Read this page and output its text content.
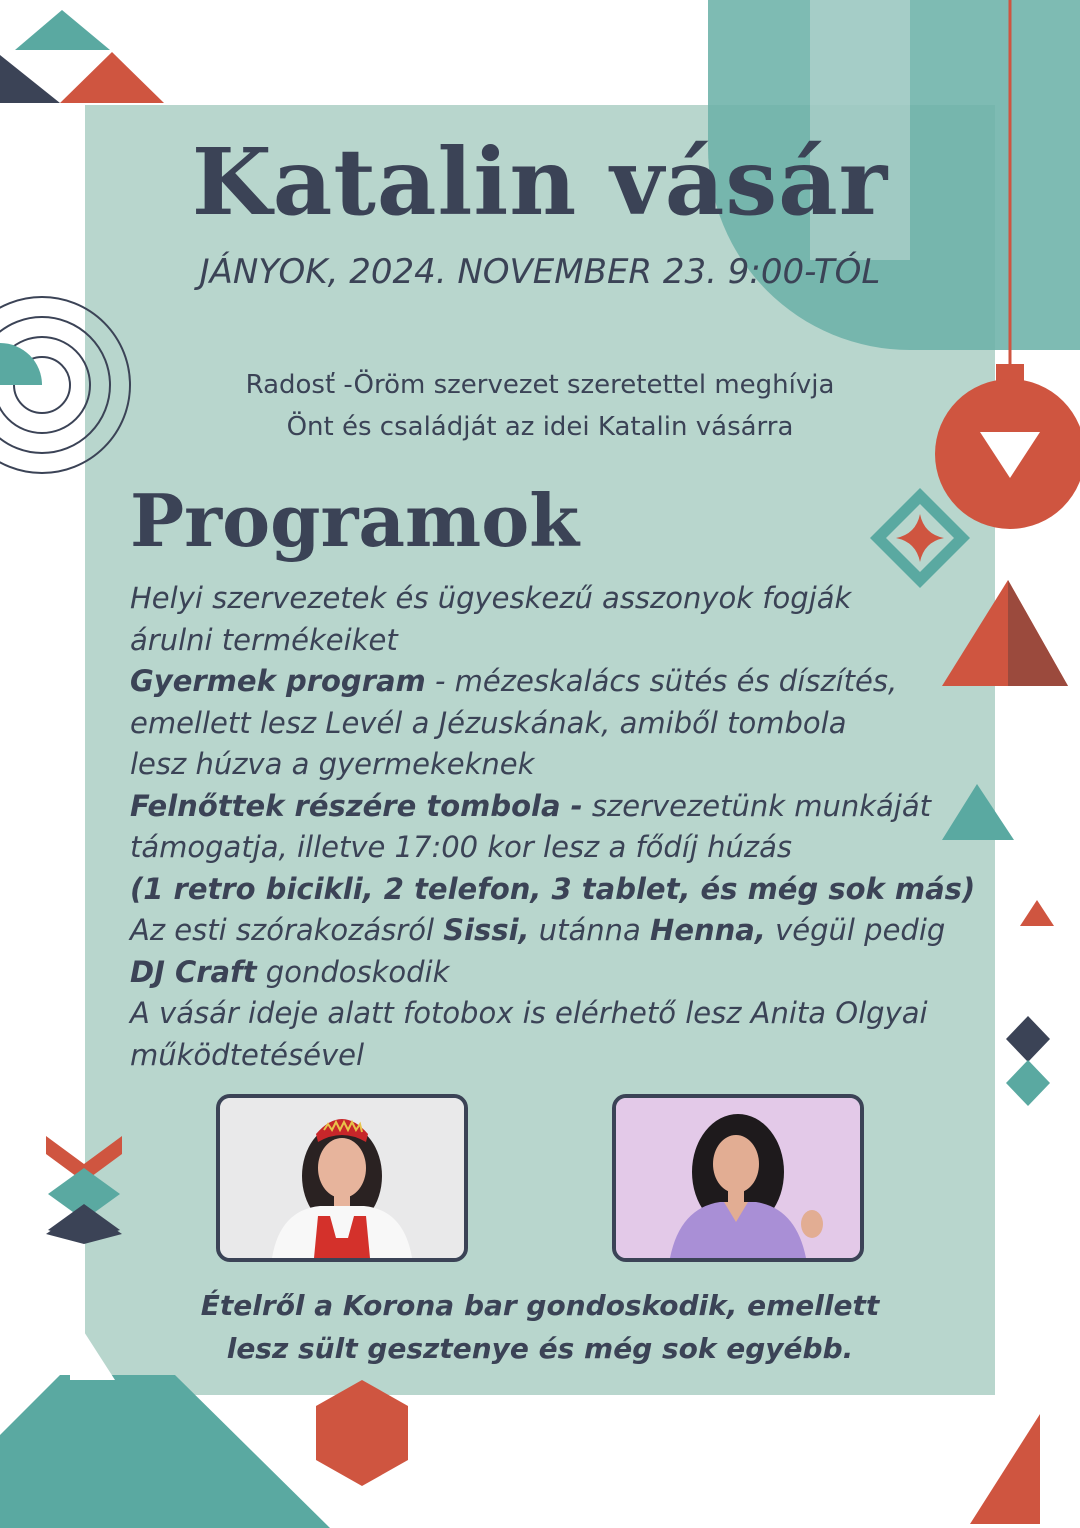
Katalin vásár

JÁNYOK, 2024. NOVEMBER 23. 9:00-TÓL

Radosť -Öröm szervezet szeretettel meghívja
Önt és családját az idei Katalin vásárra

Programok

Helyi szervezetek és ügyeskezű asszonyok fogják
árulni termékeiket
Gyermek program - mézeskalács sütés és díszítés,
emellett lesz Levél a Jézuskának, amiből tombola
lesz húzva a gyermekeknek
Felnőttek részére tombola - szervezetünk munkáját
támogatja, illetve 17:00 kor lesz a fődíj húzás
(1 retro bicikli, 2 telefon, 3 tablet, és még sok más)
Az esti szórakozásról Sissi, utánna Henna, végül pedig
DJ Craft gondoskodik
A vásár ideje alatt fotobox is elérhető lesz Anita Olgyai
működtetésével

Ételről a Korona bar gondoskodik, emellett
lesz sült gesztenye és még sok egyébb.
